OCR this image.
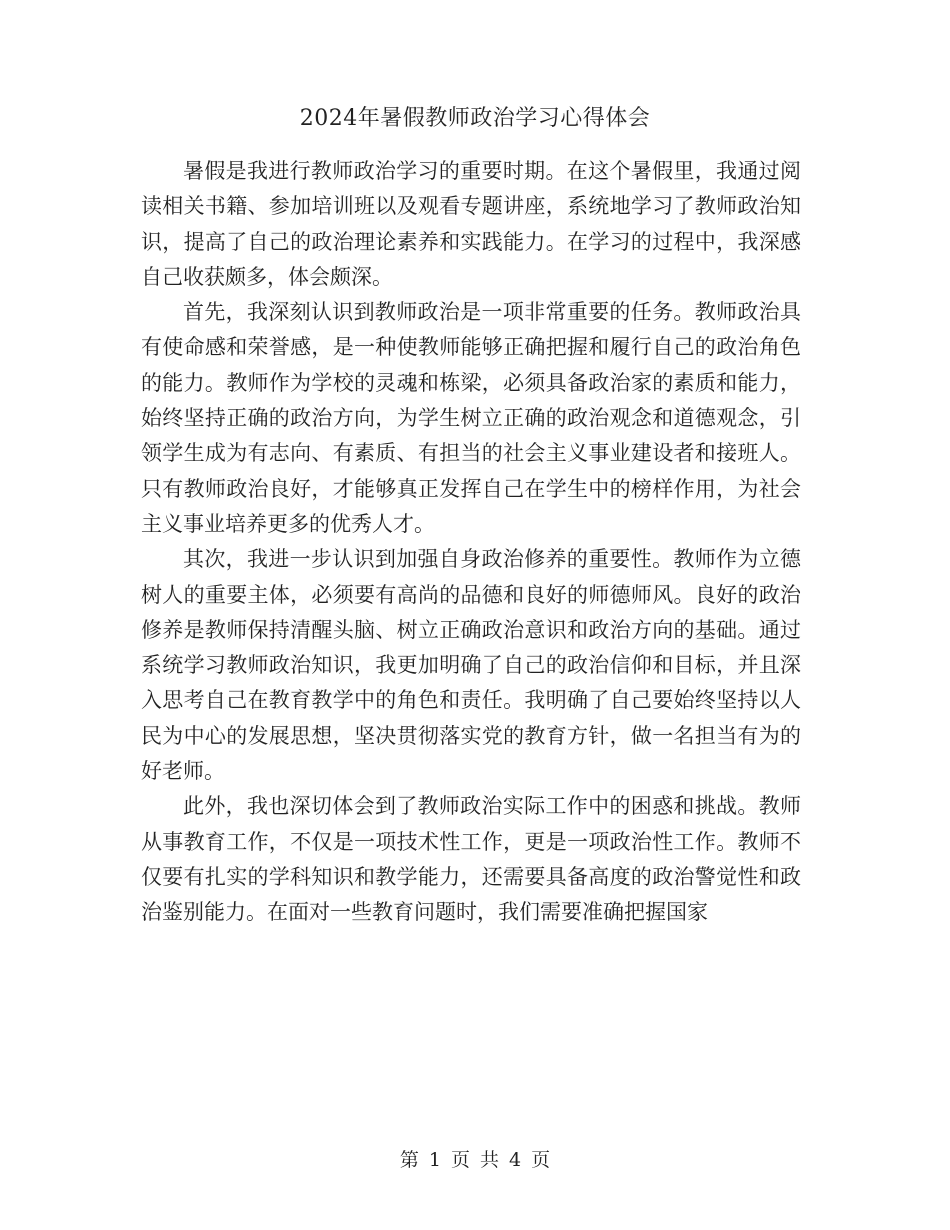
2024年暑假教师政治学习心得体会

暑假是我进行教师政治学习的重要时期。在这个暑假里，我通过阅读相关书籍、参加培训班以及观看专题讲座，系统地学习了教师政治知识，提高了自己的政治理论素养和实践能力。在学习的过程中，我深感自己收获颇多，体会颇深。

首先，我深刻认识到教师政治是一项非常重要的任务。教师政治具有使命感和荣誉感，是一种使教师能够正确把握和履行自己的政治角色的能力。教师作为学校的灵魂和栋梁，必须具备政治家的素质和能力，始终坚持正确的政治方向，为学生树立正确的政治观念和道德观念，引领学生成为有志向、有素质、有担当的社会主义事业建设者和接班人。只有教师政治良好，才能够真正发挥自己在学生中的榜样作用，为社会主义事业培养更多的优秀人才。

其次，我进一步认识到加强自身政治修养的重要性。教师作为立德树人的重要主体，必须要有高尚的品德和良好的师德师风。良好的政治修养是教师保持清醒头脑、树立正确政治意识和政治方向的基础。通过系统学习教师政治知识，我更加明确了自己的政治信仰和目标，并且深入思考自己在教育教学中的角色和责任。我明确了自己要始终坚持以人民为中心的发展思想，坚决贯彻落实党的教育方针，做一名担当有为的好老师。

此外，我也深切体会到了教师政治实际工作中的困惑和挑战。教师从事教育工作，不仅是一项技术性工作，更是一项政治性工作。教师不仅要有扎实的学科知识和教学能力，还需要具备高度的政治警觉性和政治鉴别能力。在面对一些教育问题时，我们需要准确把握国家

第 1 页 共 4 页
